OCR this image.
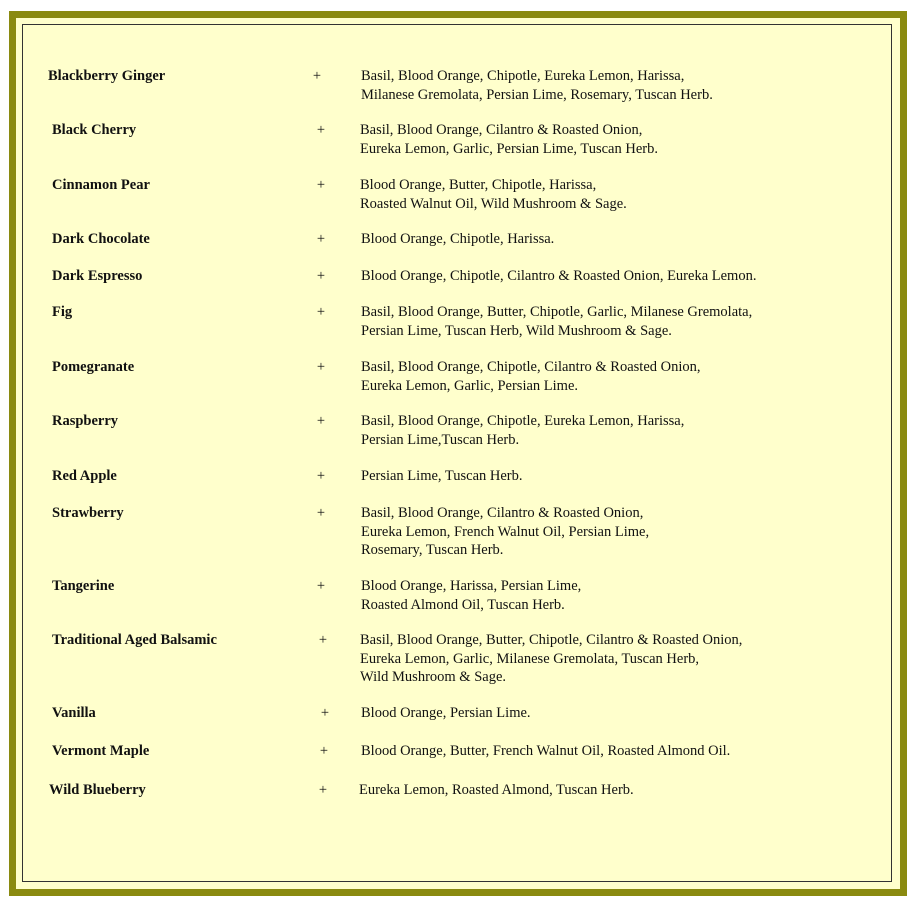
Blackberry Ginger	+	Basil, Blood Orange, Chipotle, Eureka Lemon, Harissa,
Milanese Gremolata, Persian Lime, Rosemary, Tuscan Herb.
Black Cherry	+ Basil, Blood Orange, Cilantro & Roasted Onion,
Eureka Lemon, Garlic, Persian Lime, Tuscan Herb.
Cinnamon Pear	+ Blood Orange, Butter, Chipotle, Harissa,
Roasted Walnut Oil, Wild Mushroom & Sage.
Dark Chocolate	+ Blood Orange, Chipotle, Harissa.
Dark Espresso	+ Blood Orange, Chipotle, Cilantro & Roasted Onion, Eureka Lemon.
Fig	+ Basil, Blood Orange, Butter, Chipotle, Garlic, Milanese Gremolata,
Persian Lime, Tuscan Herb, Wild Mushroom & Sage.
Pomegranate	+ Basil, Blood Orange, Chipotle, Cilantro & Roasted Onion,
Eureka Lemon, Garlic, Persian Lime.
Raspberry	+ Basil, Blood Orange, Chipotle, Eureka Lemon, Harissa,
Persian Lime,Tuscan Herb.
Red Apple	+ Persian Lime, Tuscan Herb.
Strawberry	+ Basil, Blood Orange, Cilantro & Roasted Onion,
Eureka Lemon, French Walnut Oil, Persian Lime,
Rosemary, Tuscan Herb.
Tangerine	+ Blood Orange, Harissa, Persian Lime,
Roasted Almond Oil, Tuscan Herb.
Traditional Aged Balsamic	+ Basil, Blood Orange, Butter, Chipotle, Cilantro & Roasted Onion,
Eureka Lemon, Garlic, Milanese Gremolata, Tuscan Herb,
Wild Mushroom & Sage.
Vanilla	+ Blood Orange, Persian Lime.
Vermont Maple	+ Blood Orange, Butter, French Walnut Oil, Roasted Almond Oil.
Wild Blueberry	+ Eureka Lemon, Roasted Almond, Tuscan Herb.
